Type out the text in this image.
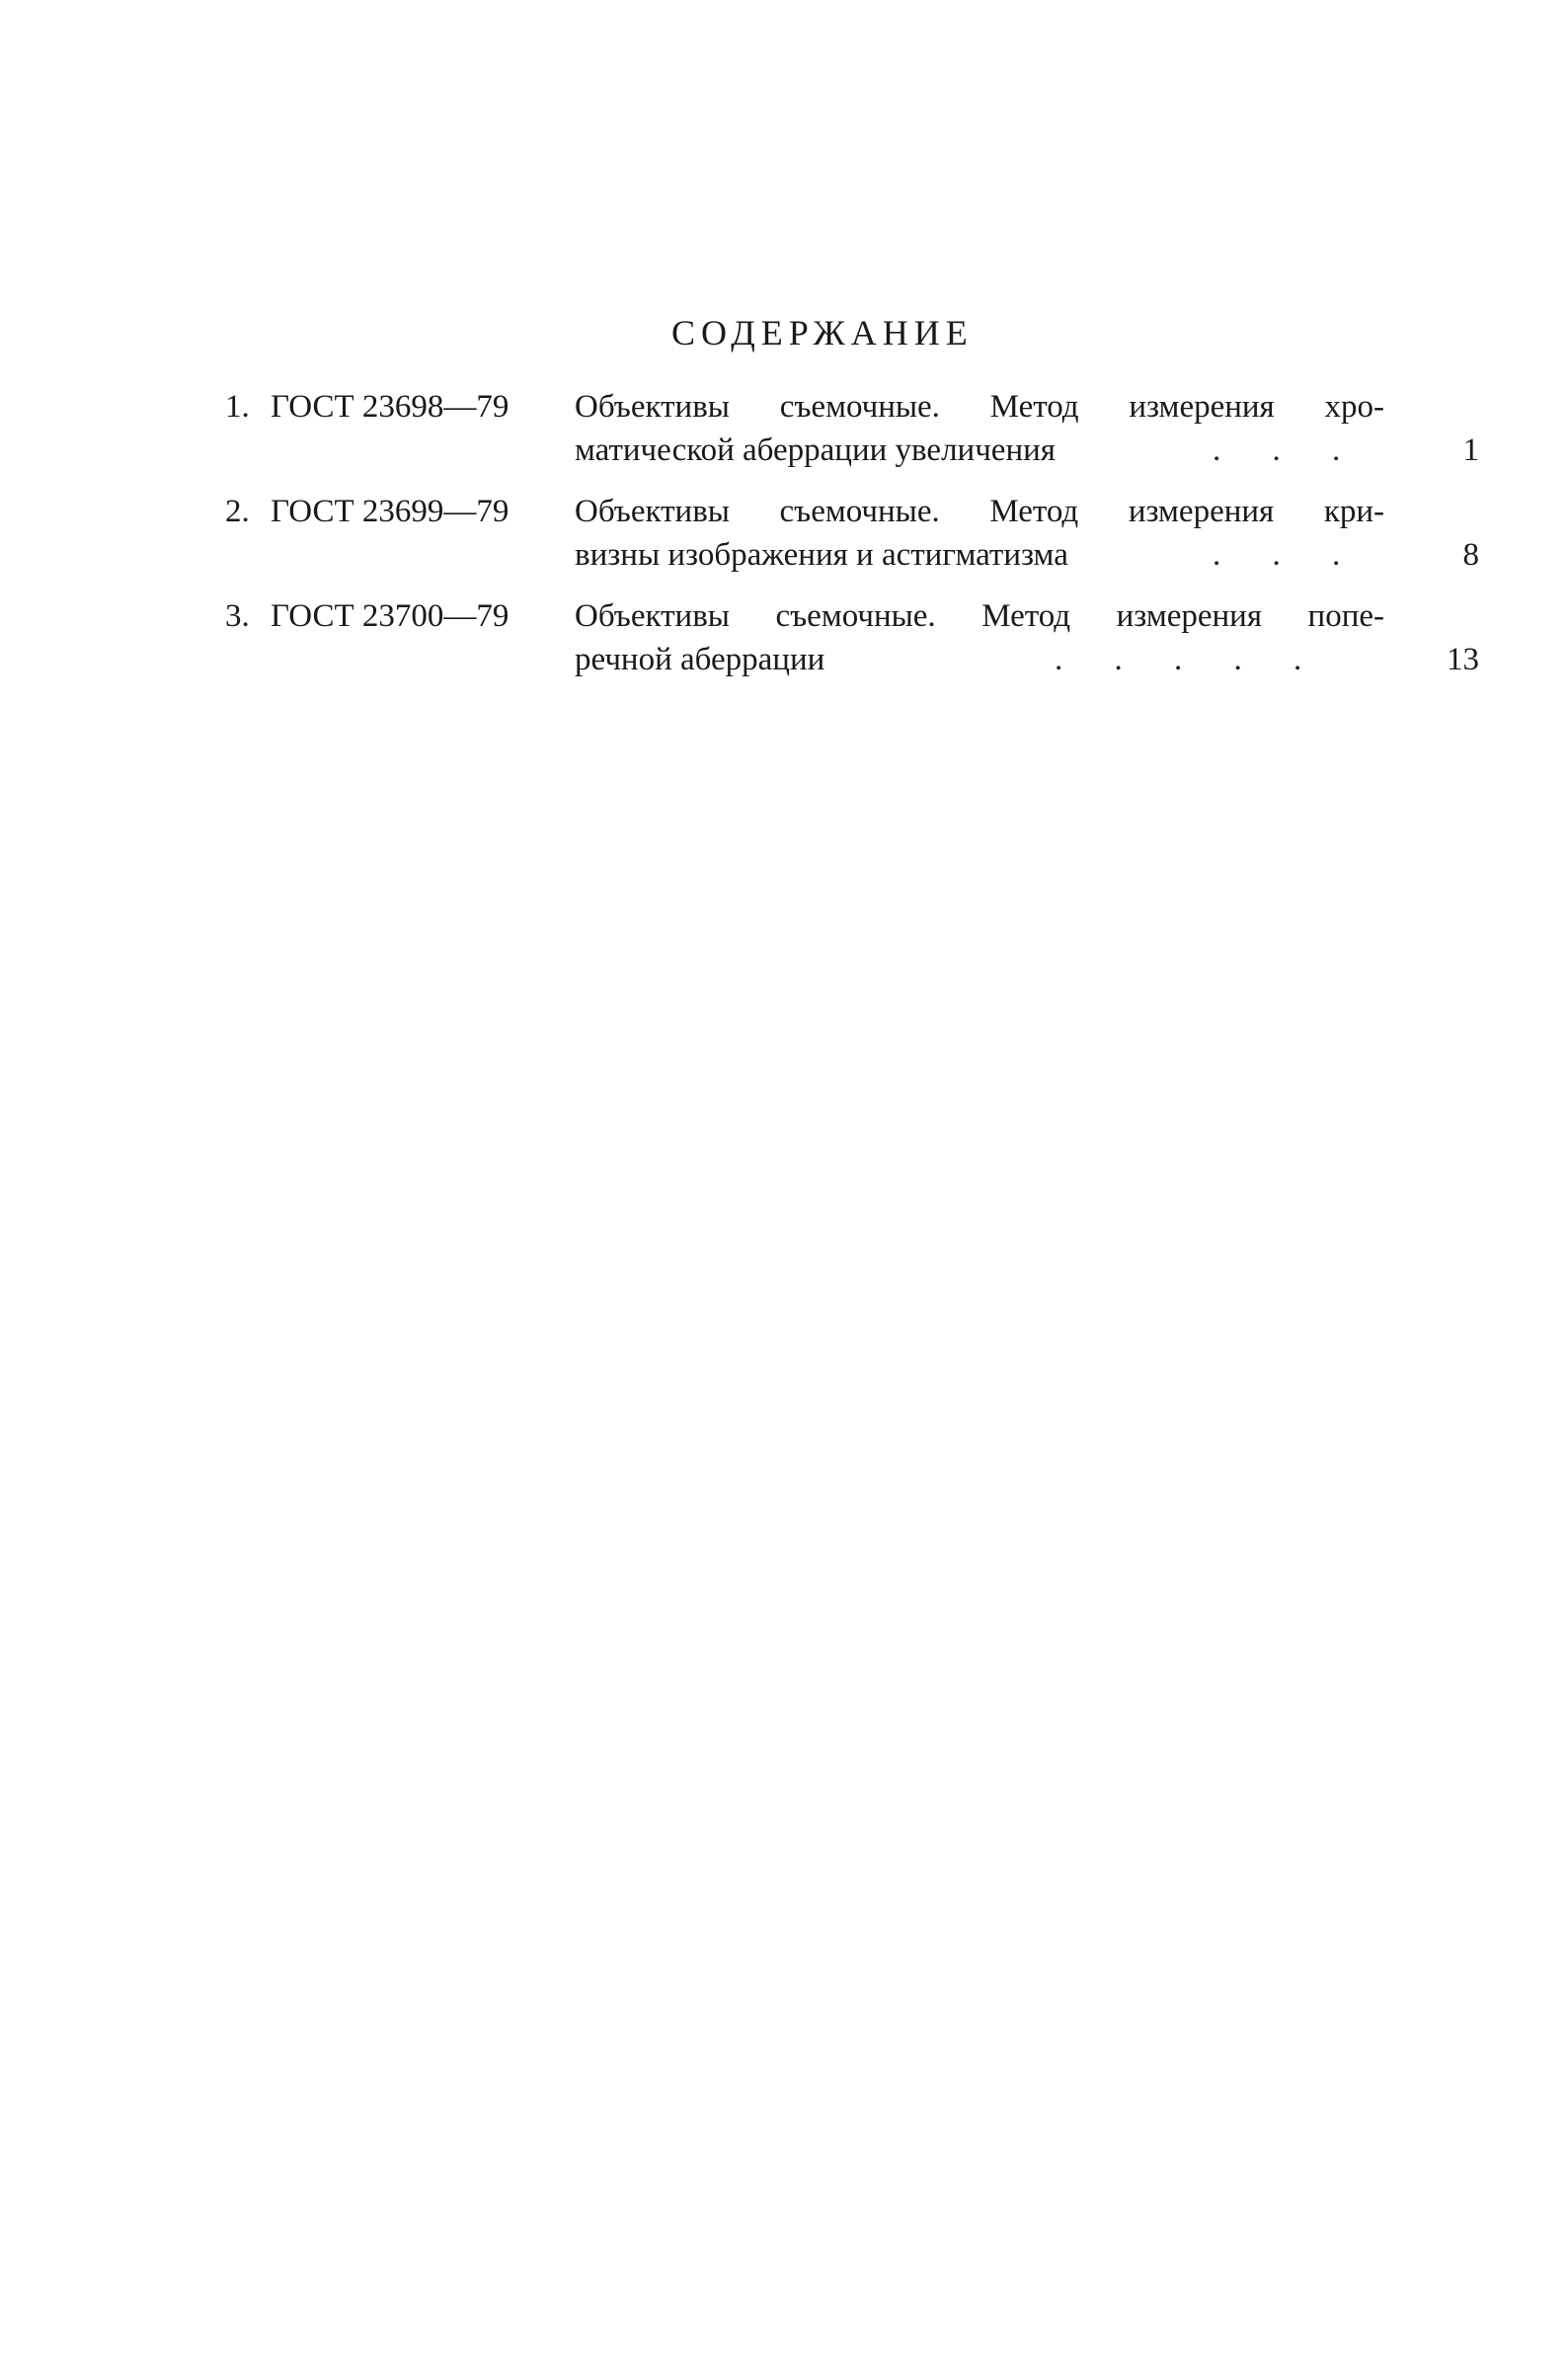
СОДЕРЖАНИЕ
1. ГОСТ 23698—79	Объективы съемочные. Метод измерения хро-
матической аберрации увеличения	. . .	1
2. ГОСТ 23699—79	Объективы съемочные. Метод измерения кри-
визны изображения и астигматизма	. . .	8
3. ГОСТ 23700—79	Объективы съемочные. Метод измерения попе-
речной аберрации	. . . . .	13
